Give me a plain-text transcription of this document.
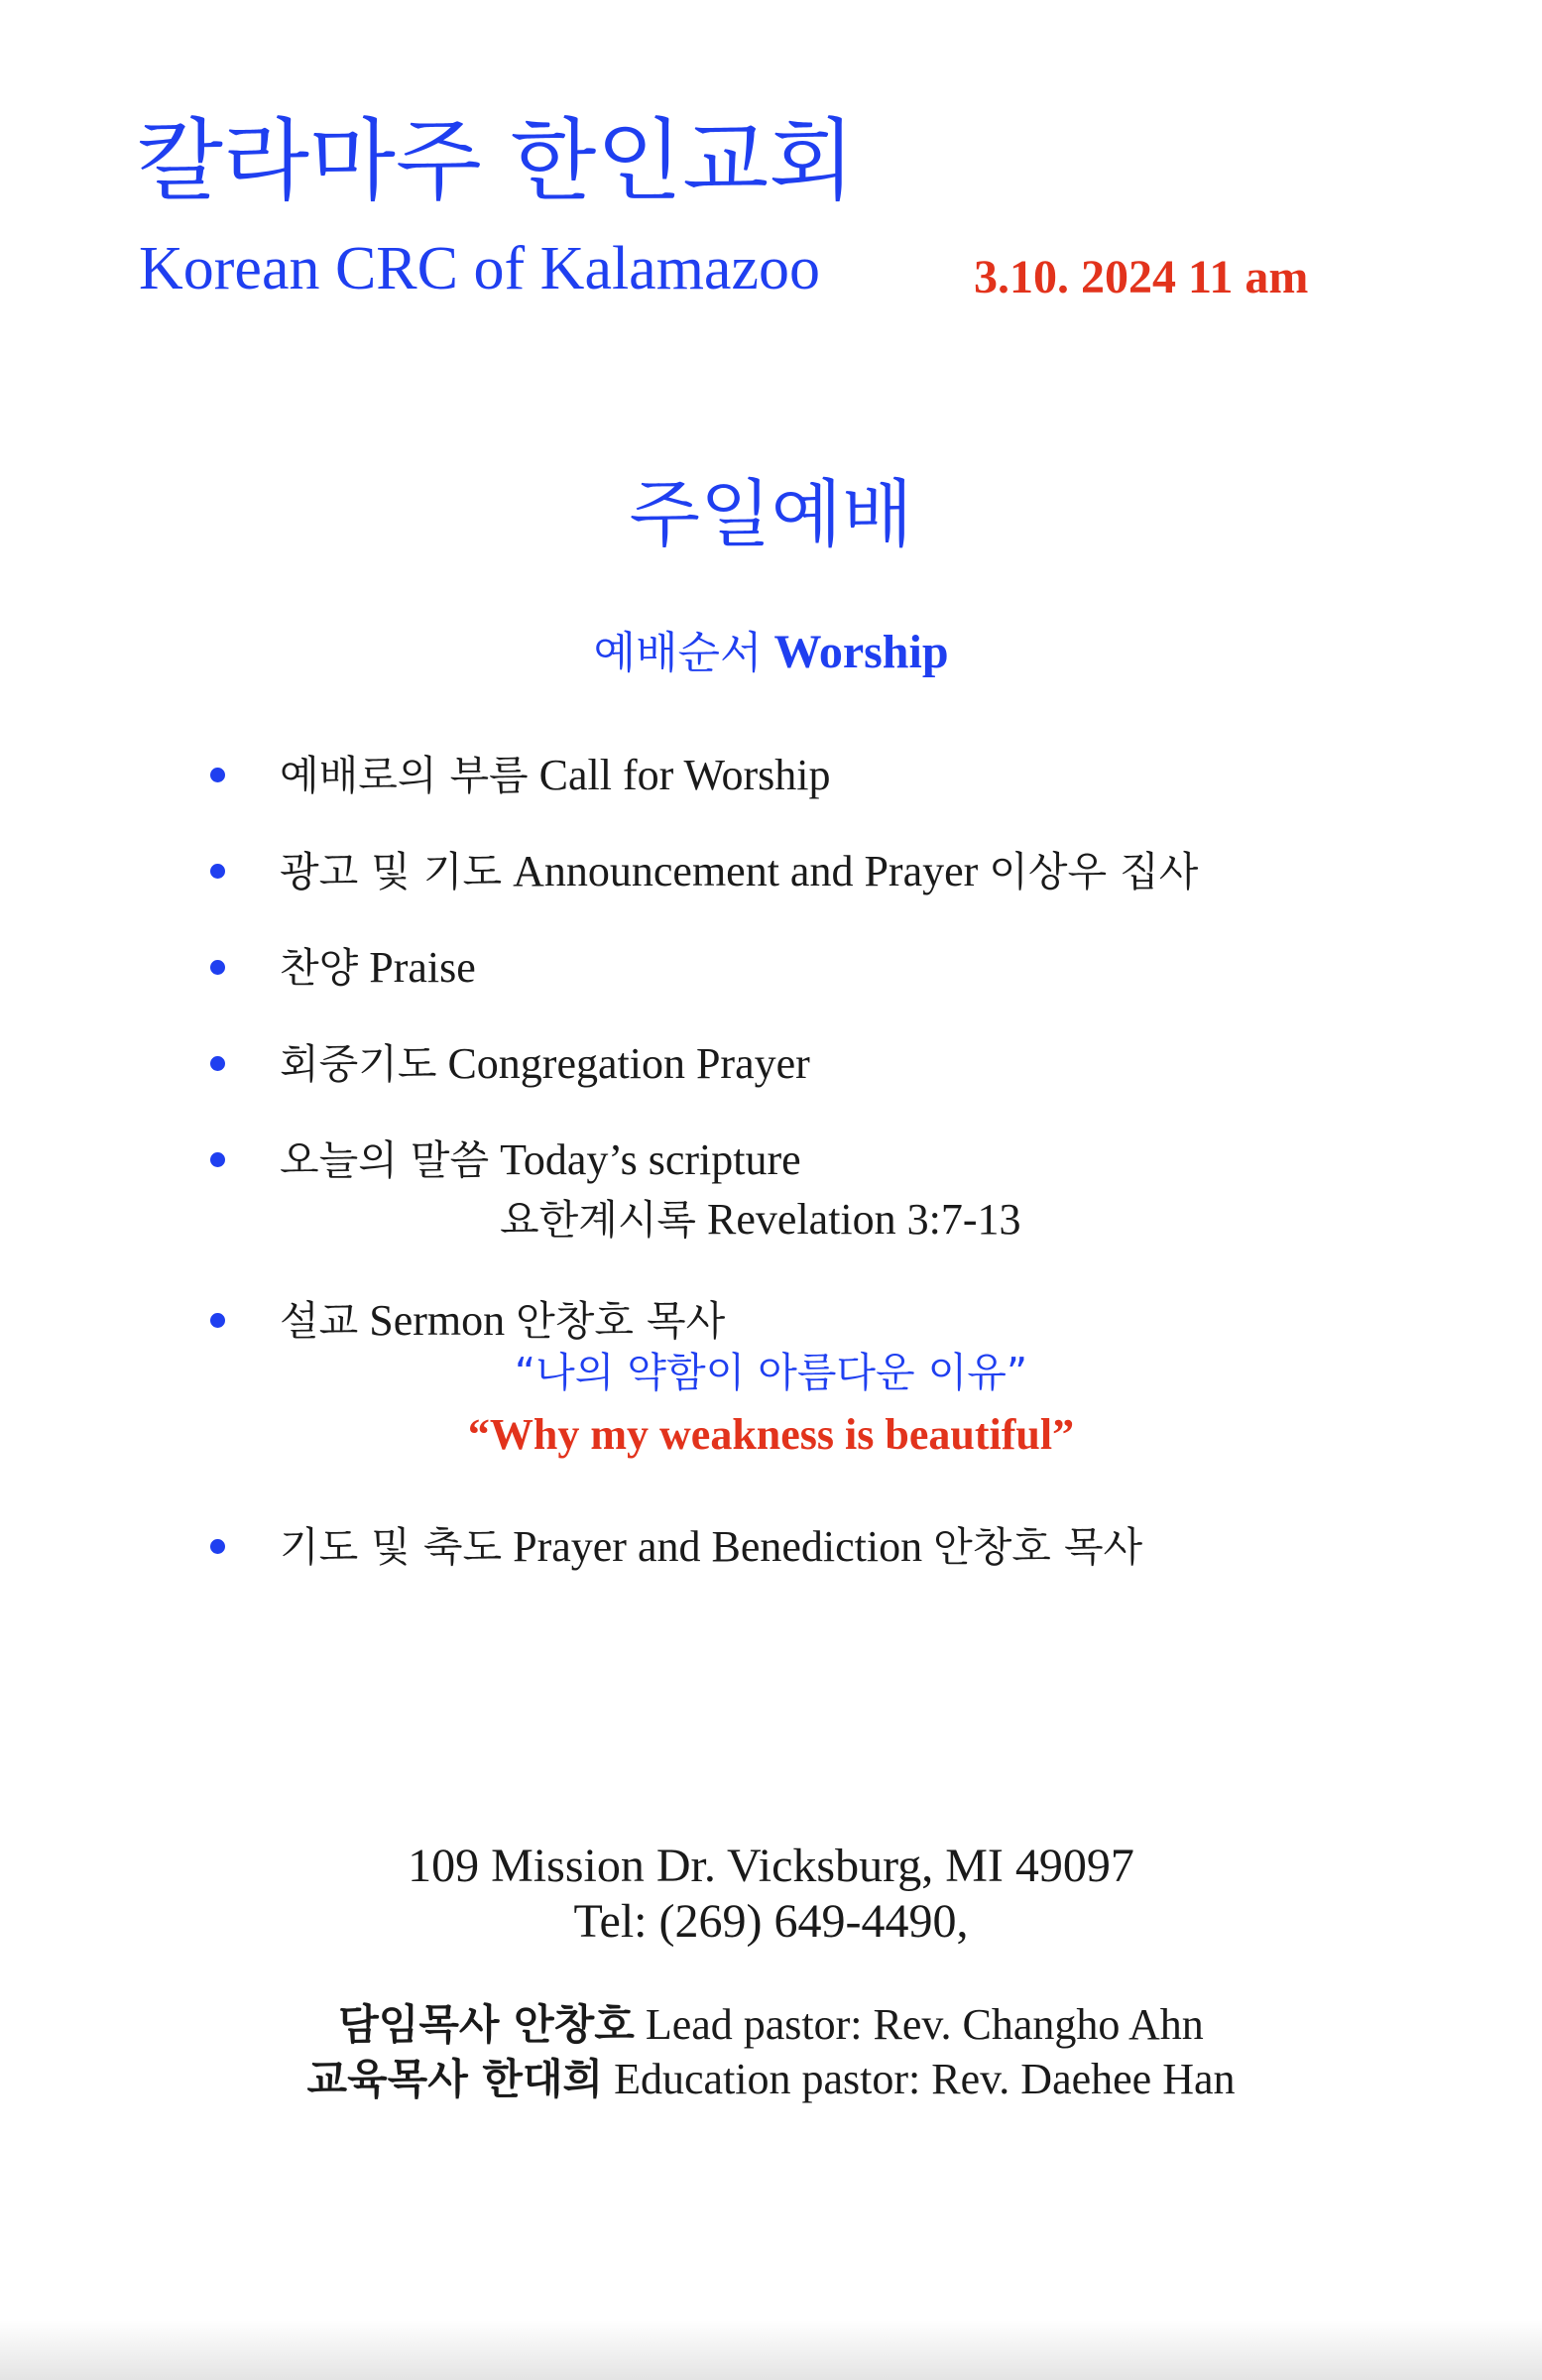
칼라마주 한인교회
Korean CRC of Kalamazoo	3.10. 2024 11 am
주일예배
예배순서 Worship
예배로의 부름 Call for Worship
광고 및 기도 Announcement and Prayer 이상우 집사
찬양 Praise
회중기도 Congregation Prayer
오늘의 말씀 Today’s scripture
요한계시록 Revelation 3:7-13
설교 Sermon 안창호 목사
“나의 약함이 아름다운 이유”
“Why my weakness is beautiful”
기도 및 축도 Prayer and Benediction 안창호 목사
109 Mission Dr. Vicksburg, MI 49097
Tel: (269) 649-4490,
담임목사 안창호 Lead pastor: Rev. Changho Ahn
교육목사 한대희 Education pastor: Rev. Daehee Han
